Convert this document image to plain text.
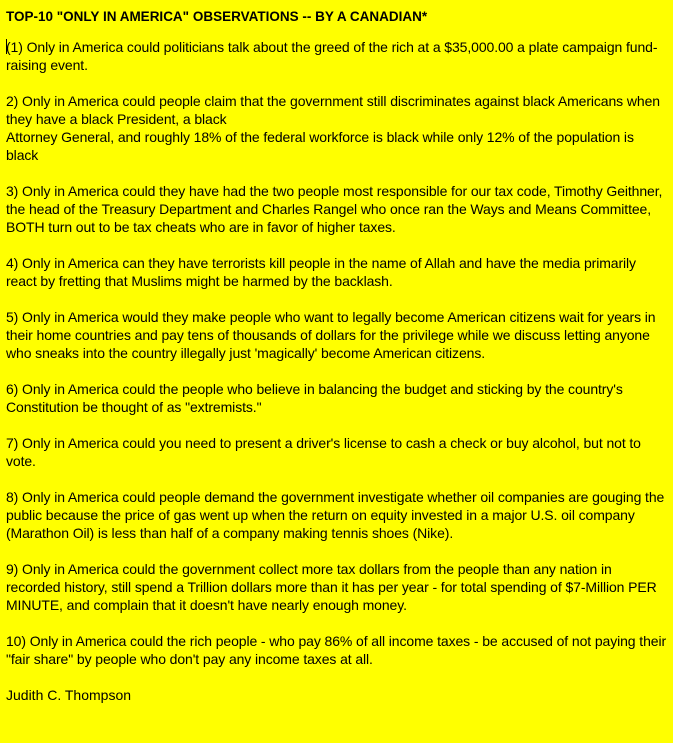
TOP-10 "ONLY IN AMERICA" OBSERVATIONS -- BY A CANADIAN*
(1) Only in America could politicians talk about the greed of the rich at a $35,000.00 a plate campaign fund-raising event.
2) Only in America could people claim that the government still discriminates against black Americans when they have a black President, a black
Attorney General, and roughly 18% of the federal workforce is black while only 12% of the population is black
3) Only in America could they have had the two people most responsible for our tax code, Timothy Geithner, the head of the Treasury Department and Charles Rangel who once ran the Ways and Means Committee, BOTH turn out to be tax cheats who are in favor of higher taxes.
4) Only in America can they have terrorists kill people in the name of Allah and have the media primarily react by fretting that Muslims might be harmed by the backlash.
5) Only in America would they make people who want to legally become American citizens wait for years in their home countries and pay tens of thousands of dollars for the privilege while we discuss letting anyone who sneaks into the country illegally just 'magically' become American citizens.
6) Only in America could the people who believe in balancing the budget and sticking by the country's Constitution be thought of as "extremists."
7) Only in America could you need to present a driver's license to cash a check or buy alcohol, but not to vote.
8) Only in America could people demand the government investigate whether oil companies are gouging the public because the price of gas went up when the return on equity invested in a major U.S. oil company (Marathon Oil) is less than half of a company making tennis shoes (Nike).
9) Only in America could the government collect more tax dollars from the people than any nation in recorded history, still spend a Trillion dollars more than it has per year - for total spending of $7-Million PER MINUTE, and complain that it doesn't have nearly enough money.
10) Only in America could the rich people - who pay 86% of all income taxes - be accused of not paying their "fair share" by people who don't pay any income taxes at all.
Judith C. Thompson
